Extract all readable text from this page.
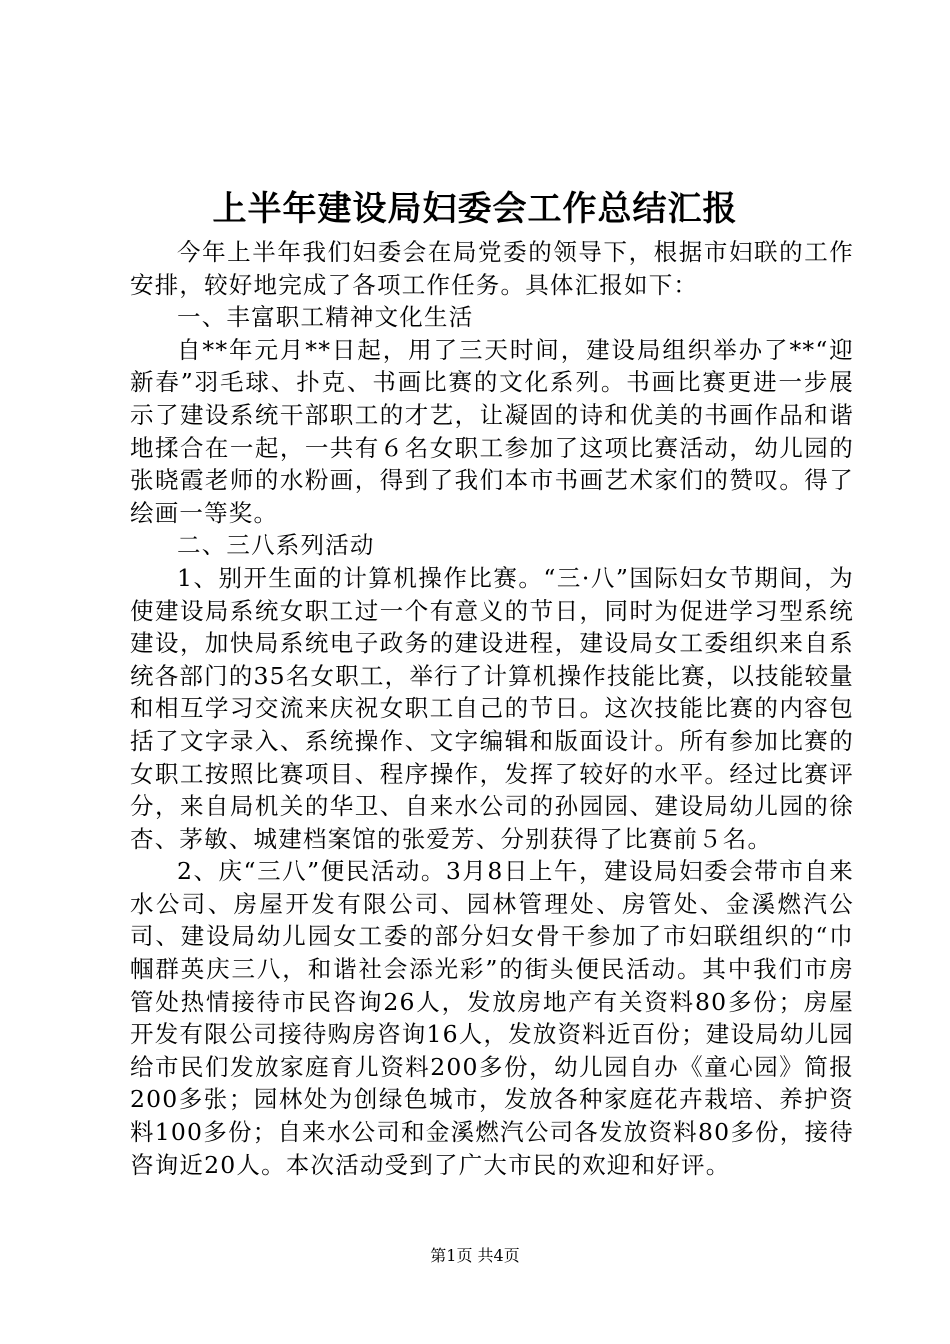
上半年建设局妇委会工作总结汇报

今年上半年我们妇委会在局党委的领导下，根据市妇联的工作安排，较好地完成了各项工作任务。具体汇报如下：

一、丰富职工精神文化生活

自**年元月**日起，用了三天时间，建设局组织举办了**“迎新春”羽毛球、扑克、书画比赛的文化系列。书画比赛更进一步展示了建设系统干部职工的才艺，让凝固的诗和优美的书画作品和谐地揉合在一起，一共有６名女职工参加了这项比赛活动，幼儿园的张晓霞老师的水粉画，得到了我们本市书画艺术家们的赞叹。得了绘画一等奖。

二、三八系列活动

1、别开生面的计算机操作比赛。“三·八”国际妇女节期间，为使建设局系统女职工过一个有意义的节日，同时为促进学习型系统建设，加快局系统电子政务的建设进程，建设局女工委组织来自系统各部门的35名女职工，举行了计算机操作技能比赛，以技能较量和相互学习交流来庆祝女职工自己的节日。这次技能比赛的内容包括了文字录入、系统操作、文字编辑和版面设计。所有参加比赛的女职工按照比赛项目、程序操作，发挥了较好的水平。经过比赛评分，来自局机关的华卫、自来水公司的孙园园、建设局幼儿园的徐杏、茅敏、城建档案馆的张爱芳、分别获得了比赛前５名。

2、庆“三八”便民活动。3月8日上午，建设局妇委会带市自来水公司、房屋开发有限公司、园林管理处、房管处、金溪燃汽公司、建设局幼儿园女工委的部分妇女骨干参加了市妇联组织的“巾帼群英庆三八，和谐社会添光彩”的街头便民活动。其中我们市房管处热情接待市民咨询26人，发放房地产有关资料80多份；房屋开发有限公司接待购房咨询16人，发放资料近百份；建设局幼儿园给市民们发放家庭育儿资料200多份，幼儿园自办《童心园》简报200多张；园林处为创绿色城市，发放各种家庭花卉栽培、养护资料100多份；自来水公司和金溪燃汽公司各发放资料80多份，接待咨询近20人。本次活动受到了广大市民的欢迎和好评。

第1页 共4页
